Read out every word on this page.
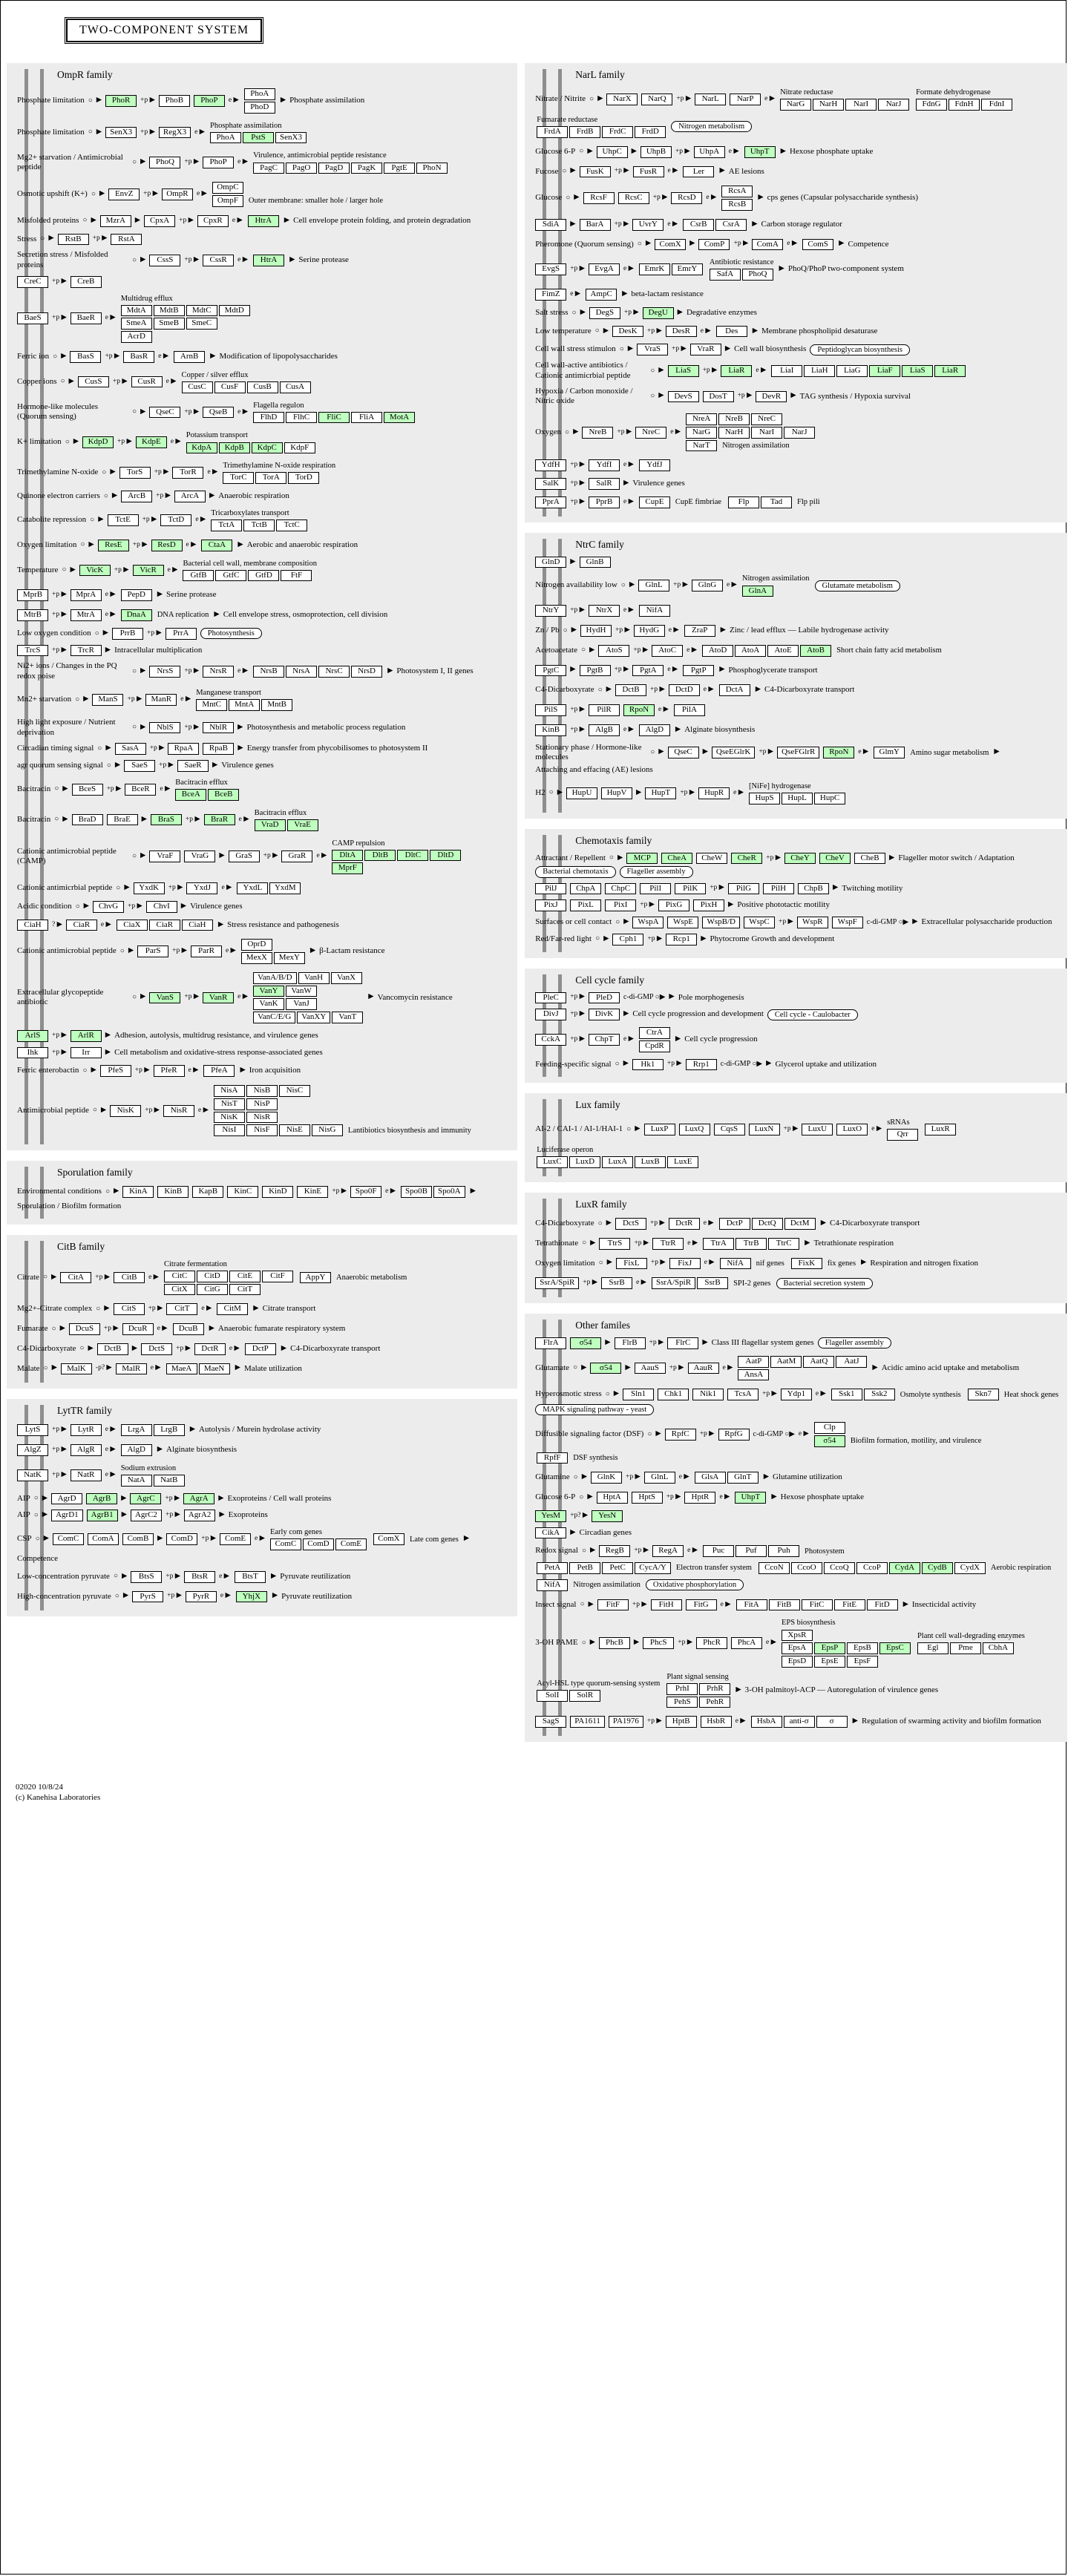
TWO-COMPONENT SYSTEM
OmpR family
Phosphate limitation ○ ▶	PhoR	+p ▶	PhoB	PhoP	e ▶
PhoA
PhoD
▶ Phosphate assimilation
Phosphate limitation ○ ▶	SenX3	+p ▶	RegX3	e ▶
Phosphate assimilation
PhoA	PstS	SenX3
Mg2+ starvation / Antimicrobial peptide
○ ▶	PhoQ	+p ▶	PhoP	e ▶
Virulence, antimicrobial peptide resistance
PagC	PagO	PagD	PagK	PgtE	PhoN
Osmotic upshift (K+) ○ ▶	EnvZ	+p ▶	OmpR	e ▶
OmpC
OmpF	Outer membrane: smaller hole / larger hole
Misfolded proteins ○ ▶	MzrA	▶	CpxA	+p ▶	CpxR	e ▶	HtrA	▶ Cell envelope protein folding, and protein degradation
Stress ○ ▶	RstB	+p ▶	RstA
Secretion stress / Misfolded proteins
○ ▶	CssS	+p ▶	CssR	e ▶	HtrA	▶ Serine protease
CreC	+p ▶	CreB
BaeS	+p ▶	BaeR	e ▶
Multidrug efflux
MdtA	MdtB	MdtC	MdtD
SmeA	SmeB	SmeC
AcrD
Ferric ion ○ ▶	BasS	+p ▶	BasR	e ▶	ArnB	▶ Modification of lipopolysaccharides
Copper ions ○ ▶	CusS	+p ▶	CusR	e ▶
Copper / silver efflux
CusC	CusF	CusB	CusA
Hormone-like molecules (Quorum sensing)
○ ▶	QseC	+p ▶	QseB	e ▶
Flagella regulon
FlhD	FlhC	FliC	FliA	MotA
K+ limitation ○ ▶	KdpD	+p ▶	KdpE	e ▶
Potassium transport
KdpA	KdpB	KdpC	KdpF
Trimethylamine N-oxide ○ ▶	TorS	+p ▶	TorR	e ▶
Trimethylamine N-oxide respiration
TorC	TorA	TorD
Quinone electron carriers ○ ▶	ArcB	+p ▶	ArcA	▶ Anaerobic respiration
Catabolite repression ○ ▶	TctE	+p ▶	TctD	e ▶
Tricarboxylates transport
TctA	TctB	TctC
Oxygen limitation ○ ▶	ResE	+p ▶	ResD	e ▶	CtaA	▶ Aerobic and anaerobic respiration
Temperature ○ ▶	VicK	+p ▶	VicR	e ▶
Bacterial cell wall, membrane composition
GtfB	GtfC	GtfD	FtF
MprB	+p ▶	MprA	e ▶	PepD	▶ Serine protease
MtrB	+p ▶	MtrA	e ▶	DnaA	DNA replication ▶ Cell envelope stress, osmoprotection, cell division
Low oxygen condition ○ ▶	PrrB	+p ▶	PrrA	Photosynthesis
TrcS	+p ▶	TrcR	▶ Intracellular multiplication
Ni2+ ions / Changes in the PQ redox poise
○ ▶	NrsS	+p ▶	NrsR	e ▶	NrsB	NrsA	NrsC	NrsD	▶ Photosystem I, II genes
Mn2+ starvation ○ ▶	ManS	+p ▶	ManR	e ▶
Manganese transport
MntC	MntA	MntB
High light exposure / Nutrient deprivation
○ ▶	NblS	+p ▶	NblR	▶ Photosynthesis and metabolic process regulation
Circadian timing signal ○ ▶	SasA	+p ▶	RpaA	RpaB	▶ Energy transfer from phycobilisomes to photosystem II
agr quorum sensing signal ○ ▶	SaeS	+p ▶	SaeR	▶ Virulence genes
Bacitracin ○ ▶	BceS	+p ▶	BceR	e ▶
Bacitracin efflux
BceA	BceB
Bacitracin ○ ▶	BraD	BraE	▶	BraS	+p ▶	BraR	e ▶
Bacitracin efflux
VraD	VraE
Cationic antimicrobial peptide (CAMP)
○ ▶	VraF	VraG	▶	GraS	+p ▶	GraR	e ▶
CAMP repulsion
DltA	DltB	DltC	DltD
MprF
Cationic antimicrbial peptide ○ ▶	YxdK	+p ▶	YxdJ	e ▶	YxdL	YxdM
Acidic condition ○ ▶	ChvG	+p ▶	ChvI	▶ Virulence genes
CiaH	? ▶	CiaR	e ▶	CiaX	CiaR	CiaH	▶ Stress resistance and pathogenesis
Cationic antimicrobial peptide ○ ▶	ParS	+p ▶	ParR	e ▶
OprD
MexX	MexY
▶ β-Lactam resistance
Extracellular glycopeptide antibiotic
○ ▶	VanS	+p ▶	VanR	e ▶
VanA/B/D	VanH	VanX
VanY	VanW
VanK	VanJ
VanC/E/G	VanXY	VanT
▶ Vancomycin resistance
ArlS	+p ▶	ArlR	▶ Adhesion, autolysis, multidrug resistance, and virulence genes
Ihk	+p ▶	Irr	▶ Cell metabolism and oxidative-stress response-associated genes
Ferric enterobactin ○ ▶	PfeS	+p ▶	PfeR	e ▶	PfeA	▶ Iron acquisition
Antimicrobial peptide ○ ▶	NisK	+p ▶	NisR	e ▶
NisA	NisB	NisC
NisT	NisP
NisK	NisR
NisI	NisF	NisE	NisG	Lantibiotics biosynthesis and immunity
Sporulation family
Environmental conditions ○ ▶	KinA	KinB	KapB	KinC	KinD	KinE	+p ▶	Spo0F	e ▶	Spo0B	Spo0A	▶
Sporulation / Biofilm formation
CitB family
Citrate ○ ▶	CitA	+p ▶	CitB	e ▶
Citrate fermentation
CitC	CitD	CitE	CitF
CitX	CitG	CitT
AppY	Anaerobic metabolism
Mg2+-Citrate complex ○ ▶	CitS	+p ▶	CitT	e ▶	CitM	▶ Citrate transport
Fumarate ○ ▶	DcuS	+p ▶	DcuR	e ▶	DcuB	▶ Anaerobic fumarate respiratory system
C4-Dicarboxyrate ○ ▶	DctB	▶	DctS	+p ▶	DctR	e ▶	DctP	▶ C4-Dicarboxyrate transport
Malate ○ ▶	MalK	-p? ▶	MalR	e ▶	MaeA	MaeN	▶ Malate utilization
LytTR family
LytS	+p ▶	LytR	e ▶	LrgA	LrgB	▶ Autolysis / Murein hydrolase activity
AlgZ	+p ▶	AlgR	e ▶	AlgD	▶ Alginate biosynthesis
NatK	+p ▶	NatR	e ▶
Sodium extrusion
NatA	NatB
AIP ○ ▶	AgrD	AgrB	▶	AgrC	+p ▶	AgrA	▶ Exoproteins / Cell wall proteins
AIP ○ ▶	AgrD1	AgrB1	▶	AgrC2	+p ▶	AgrA2	▶ Exoproteins
CSP ○ ▶	ComC	ComA	ComB	▶	ComD	+p ▶	ComE	e ▶
Early com genes
ComC	ComD	ComE
ComX	Late com genes ▶
Competence
Low-concentration pyruvate ○ ▶	BtsS	+p ▶	BtsR	e ▶	BtsT	▶ Pyruvate reutilization
High-concentration pyruvate ○ ▶	PyrS	+p ▶	PyrR	e ▶	YhjX	▶ Pyruvate reutilization
NarL family
Nitrate / Nitrite ○ ▶	NarX	NarQ	+p ▶	NarL	NarP	e ▶
Nitrate reductase
NarG	NarH	NarI	NarJ
Formate dehydrogenase
FdnG	FdnH	FdnI
Fumarate reductase
FrdA	FrdB	FrdC	FrdD
Nitrogen metabolism
Glucose 6-P ○ ▶	UhpC	▶	UhpB	+p ▶	UhpA	e ▶	UhpT	▶ Hexose phosphate uptake
Fucose ○ ▶	FusK	+p ▶	FusR	e ▶	Ler	▶ AE lesions
Glucose ○ ▶	RcsF	RcsC	+p ▶	RcsD	e ▶
RcsA
RcsB
▶ cps genes (Capsular polysaccharide synthesis)
SdiA	▶	BarA	+p ▶	UvrY	e ▶	CsrB	CsrA	▶ Carbon storage regulator
Pheromone (Quorum sensing) ○ ▶	ComX	▶	ComP	+p ▶	ComA	e ▶	ComS	▶ Competence
EvgS	+p ▶	EvgA	e ▶	EmrK	EmrY
Antibiotic resistance
SafA	PhoQ
▶ PhoQ/PhoP two-component system
FimZ	e ▶	AmpC	▶ beta-lactam resistance
Salt stress ○ ▶	DegS	+p ▶	DegU	▶ Degradative enzymes
Low temperature ○ ▶	DesK	+p ▶	DesR	e ▶	Des	▶ Membrane phospholipid desaturase
Cell wall stress stimulon ○ ▶	VraS	+p ▶	VraR	▶ Cell wall biosynthesis	Peptidoglycan biosynthesis
Cell wall-active antibiotics / Cationic antimicrbial peptide
○ ▶	LiaS	+p ▶	LiaR	e ▶	LiaI	LiaH	LiaG	LiaF	LiaS	LiaR
Hypoxia / Carbon monoxide / Nitric oxide
○ ▶	DevS	DosT	+p ▶	DevR	▶ TAG synthesis / Hypoxia survival
Oxygen ○ ▶	NreB	+p ▶	NreC	e ▶
NreA	NreB	NreC
NarG	NarH	NarI	NarJ
NarT	Nitrogen assimilation
YdfH	+p ▶	YdfI	e ▶	YdfJ
SalK	+p ▶	SalR	▶ Virulence genes
PprA	+p ▶	PprB	e ▶	CupE	CupE fimbriae	Flp	Tad	Flp pili
NtrC family
GlnD	▶	GlnB
Nitrogen availability low ○ ▶	GlnL	+p ▶	GlnG	e ▶
Nitrogen assimilation
GlnA
Glutamate metabolism
NtrY	+p ▶	NtrX	e ▶	NifA
Zn / Pb ○ ▶	HydH	+p ▶	HydG	e ▶	ZraP	▶ Zinc / lead efflux — Labile hydrogenase activity
Acetoacetate ○ ▶	AtoS	+p ▶	AtoC	e ▶	AtoD	AtoA	AtoE	AtoB	Short chain fatty acid metabolism
PgtC	▶	PgtB	+p ▶	PgtA	e ▶	PgtP	▶ Phosphoglycerate transport
C4-Dicarboxyrate ○ ▶	DctB	+p ▶	DctD	e ▶	DctA	▶ C4-Dicarboxyrate transport
PilS	+p ▶	PilR	RpoN	e ▶	PilA
KinB	+p ▶	AlgB	e ▶	AlgD	▶ Alginate biosynthesis
Stationary phase / Hormone-like molecules
○ ▶	QseC	▶	QseEGlrK	+p ▶	QseFGlrR	RpoN	e ▶	GlmY	Amino sugar metabolism ▶
Attaching and effacing (AE) lesions
H2 ○ ▶	HupU	HupV	▶	HupT	+p ▶	HupR	e ▶
[NiFe] hydrogenase
HupS	HupL	HupC
Chemotaxis family
Attractant / Repellent ○ ▶	MCP	CheA	CheW	CheR	+p ▶	CheY	CheV	CheB	▶ Flageller motor switch / Adaptation
Bacterial chemotaxis	Flageller assembly
PilJ	ChpA	ChpC	PilI	PilK	+p ▶	PilG	PilH	ChpB	▶ Twitching motility
PixJ	PixL	PixI	+p ▶	PixG	PixH	▶ Positive phototactic motility
Surfaces or cell contact ○ ▶	WspA	WspE	WspB/D	WspC	+p ▶	WspR	WspF	c-di-GMP ○▶ ▶ Extracellular polysaccharide production
Red/Far-red light ○ ▶	Cph1	+p ▶	Rcp1	▶ Phytocrome Growth and development
Cell cycle family
PleC	+p ▶	PleD	c-di-GMP ○▶ ▶ Pole morphogenesis
DivJ	+p ▶	DivK	▶ Cell cycle progression and development	Cell cycle - Caulobacter
CckA	+p ▶	ChpT	e ▶
CtrA
CpdR
▶ Cell cycle progression
Feeding-specific signal ○ ▶	Hk1	+p ▶	Rrp1	c-di-GMP ○▶ ▶ Glycerol uptake and utilization
Lux family
AI-2 / CAI-1 / AI-1/HAI-1 ○ ▶	LuxP	LuxQ	CqsS	LuxN	+p ▶	LuxU	LuxO	e ▶
sRNAs
Qrr
LuxR
Luciferase operon
LuxC	LuxD	LuxA	LuxB	LuxE
LuxR family
C4-Dicarboxyrate ○ ▶	DctS	+p ▶	DctR	e ▶	DctP	DctQ	DctM	▶ C4-Dicarboxyrate transport
Tetrathionate ○ ▶	TtrS	+p ▶	TtrR	e ▶	TtrA	TtrB	TtrC	▶ Tetrathionate respiration
Oxygen limitation ○ ▶	FixL	+p ▶	FixJ	e ▶	NifA	nif genes	FixK	fix genes ▶ Respiration and nitrogen fixation
SsrA/SpiR	+p ▶	SsrB	e ▶	SsrA/SpiR	SsrB	SPI-2 genes	Bacterial secretion system
Other familes
FlrA	σ54	▶	FlrB	+p ▶	FlrC	▶ Class III flagellar system genes	Flageller assembly
Glutamate ○ ▶	σ54	▶	AauS	+p ▶	AauR	e ▶
AatP	AatM	AatQ	AatJ
AnsA
▶ Acidic amino acid uptake and metabolism
Hyperosmotic stress ○ ▶	Sln1	Chk1	Nik1	TcsA	+p ▶	Ydp1	e ▶	Ssk1	Ssk2	Osmolyte synthesis	Skn7	Heat shock genes
MAPK signaling pathway - yeast
Diffusible signaling factor (DSF) ○ ▶	RpfC	+p ▶	RpfG	c-di-GMP ○▶ e ▶
Clp
σ54	Biofilm formation, motility, and virulence
RpfF	DSF synthesis
Glutamine ○ ▶	GlnK	+p ▶	GlnL	e ▶	GlsA	GlnT	▶ Glutamine utilization
Glucose 6-P ○ ▶	HptA	HptS	+p ▶	HptR	e ▶	UhpT	▶ Hexose phosphate uptake
YesM	+p? ▶	YesN
CikA	▶ Circadian genes
Redox signal ○ ▶	RegB	+p ▶	RegA	e ▶	Puc	Puf	Puh	Photosystem
PetA	PetB	PetC	CycA/Y	Electron transfer system	CcoN	CcoO	CcoQ	CcoP	CydA	CydB	CydX	Aerobic respiration
NifA	Nitrogen assimilation	Oxidative phosphorylation
Insect signal ○ ▶	FitF	+p ▶	FitH	FitG	e ▶	FitA	FitB	FitC	FitE	FitD	▶ Insecticidal activity
3-OH PAME ○ ▶	PhcB	▶	PhcS	+p ▶	PhcR	PhcA	e ▶
EPS biosynthesis
XpsR
EpsA	EpsP	EpsB	EpsC
EpsD	EpsE	EpsF
Plant cell wall-degrading enzymes
Egl	Pme	CbhA
Acyl-HSL type quorum-sensing system
SolI	SolR
Plant signal sensing
PrhI	PrhR
PehS	PehR
▶ 3-OH palmitoyl-ACP — Autoregulation of virulence genes
SagS	PA1611	PA1976	+p ▶	HptB	HsbR	e ▶	HsbA	anti-σ	σ	▶ Regulation of swarming activity and biofilm formation
02020 10/8/24
(c) Kanehisa Laboratories
